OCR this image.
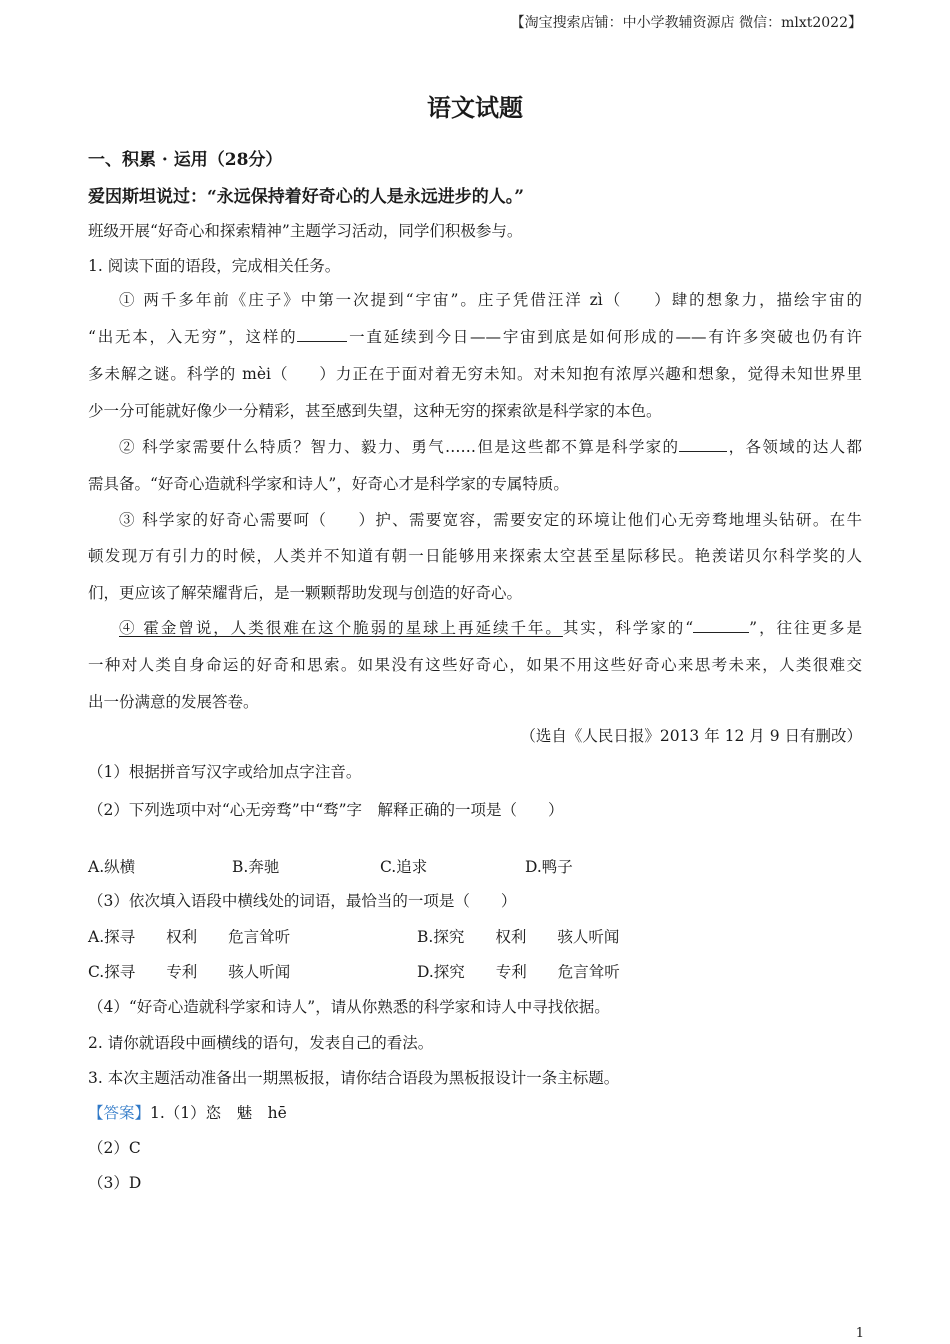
【淘宝搜索店铺：中小学教辅资源店 微信：mlxt2022】
语文试题
一、积累 · 运用（28分）
爱因斯坦说过：“永远保持着好奇心的人是永远进步的人。”
班级开展“好奇心和探索精神”主题学习活动，同学们积极参与。
1. 阅读下面的语段，完成相关任务。
① 两千多年前《庄子》中第一次提到“宇宙”。庄子凭借汪洋 zì（ ）肆的想象力，描绘宇宙的
“出无本，入无穷”，这样的	一直延续到今日——宇宙到底是如何形成的——有许多突破也仍有许
多未解之谜。科学的 mèi（ ）力正在于面对着无穷未知。对未知抱有浓厚兴趣和想象，觉得未知世界里
少一分可能就好像少一分精彩，甚至感到失望，这种无穷的探索欲是科学家的本色。
② 科学家需要什么特质？智力、毅力、勇气……但是这些都不算是科学家的	，各领域的达人都
需具备。“好奇心造就科学家和诗人”，好奇心才是科学家的专属特质。
③ 科学家的好奇心需要呵（ ）护、需要宽容，需要安定的环境让他们心无旁骛地埋头钻研。在牛
顿发现万有引力的时候，人类并不知道有朝一日能够用来探索太空甚至星际移民。艳羡诺贝尔科学奖的人
们，更应该了解荣耀背后，是一颗颗帮助发现与创造的好奇心。
④ 霍金曾说，人类很难在这个脆弱的星球上再延续千年。其实，科学家的“	”，往往更多是
一种对人类自身命运的好奇和思索。如果没有这些好奇心，如果不用这些好奇心来思考未来，人类很难交
出一份满意的发展答卷。
（选自《人民日报》2013 年 12 月 9 日有删改）
（1）根据拼音写汉字或给加点字注音。
（2）下列选项中对“心无旁骛”中“骛”字　解释正确的一项是（　　）
A.纵横	B.奔驰	C.追求	D.鸭子
（3）依次填入语段中横线处的词语，最恰当的一项是（　　）
A.探寻　　权利　　危言耸听	B.探究　　权利　　骇人听闻
C.探寻　　专利　　骇人听闻	D.探究　　专利　　危言耸听
（4）“好奇心造就科学家和诗人”，请从你熟悉的科学家和诗人中寻找依据。
2. 请你就语段中画横线的语句，发表自己的看法。
3. 本次主题活动准备出一期黑板报，请你结合语段为黑板报设计一条主标题。
【答案】1.（1）恣　魅　hē
（2）C
（3）D
1
